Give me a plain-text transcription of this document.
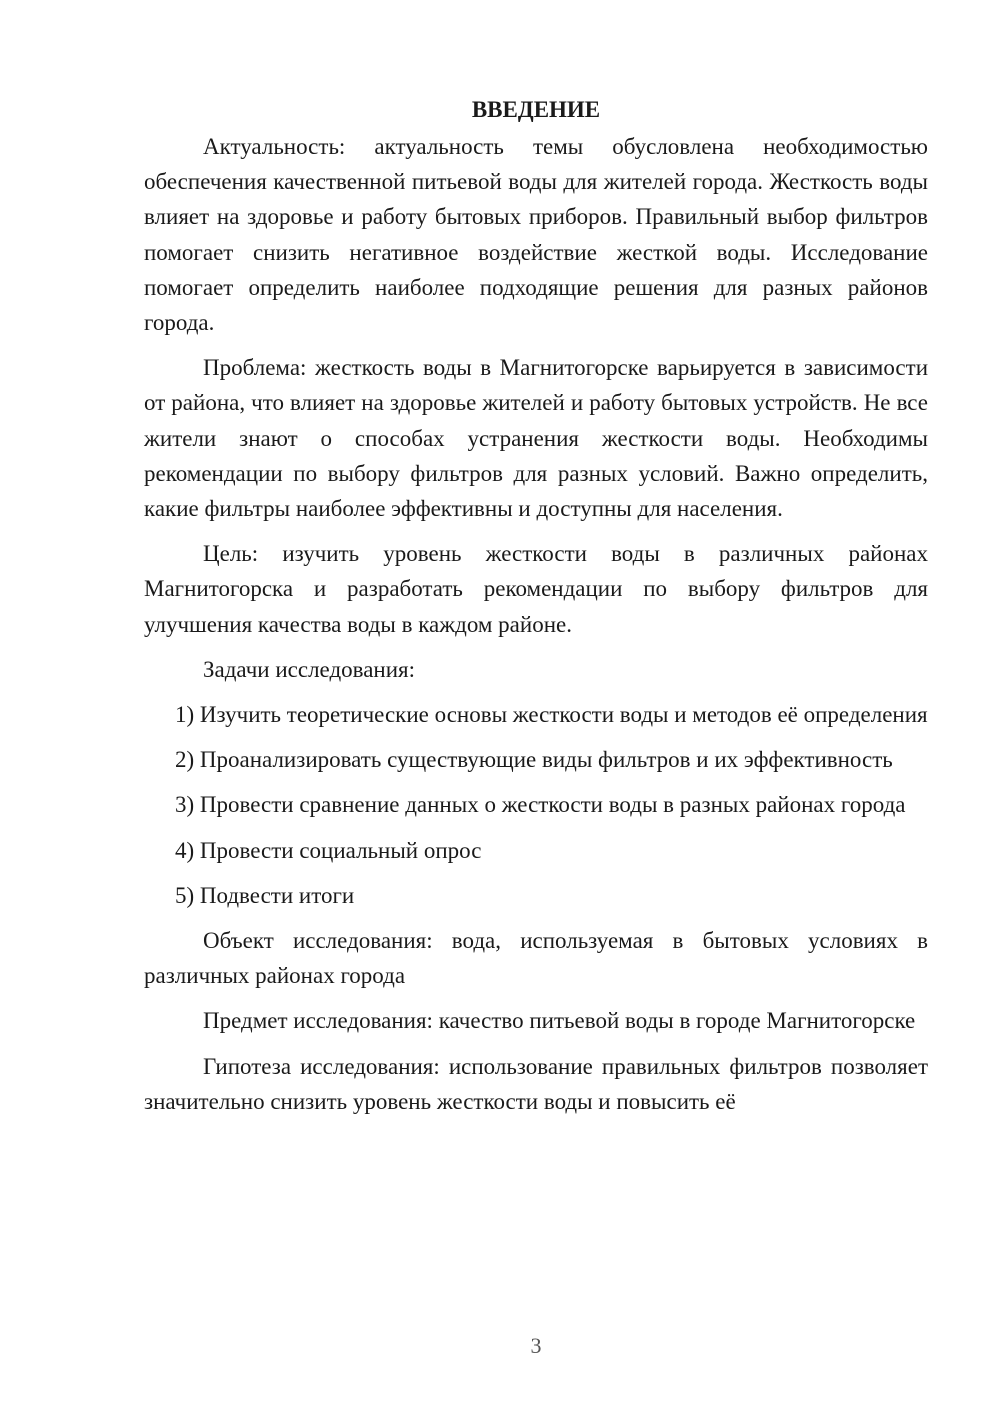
ВВЕДЕНИЕ

Актуальность: актуальность темы обусловлена необходимостью обеспечения качественной питьевой воды для жителей города. Жесткость воды влияет на здоровье и работу бытовых приборов. Правильный выбор фильтров помогает снизить негативное воздействие жесткой воды. Исследование помогает определить наиболее подходящие решения для разных районов города.

Проблема: жесткость воды в Магнитогорске варьируется в зависимости от района, что влияет на здоровье жителей и работу бытовых устройств. Не все жители знают о способах устранения жесткости воды. Необходимы рекомендации по выбору фильтров для разных условий. Важно определить, какие фильтры наиболее эффективны и доступны для населения.

Цель: изучить уровень жесткости воды в различных районах Магнитогорска и разработать рекомендации по выбору фильтров для улучшения качества воды в каждом районе.

Задачи исследования:

1) Изучить теоретические основы жесткости воды и методов её определения

2) Проанализировать существующие виды фильтров и их эффективность

3) Провести сравнение данных о жесткости воды в разных районах города

4) Провести социальный опрос

5) Подвести итоги

Объект исследования: вода, используемая в бытовых условиях в различных районах города

Предмет исследования: качество питьевой воды в городе Магнитогорске

Гипотеза исследования: использование правильных фильтров позволяет значительно снизить уровень жесткости воды и повысить её

3
